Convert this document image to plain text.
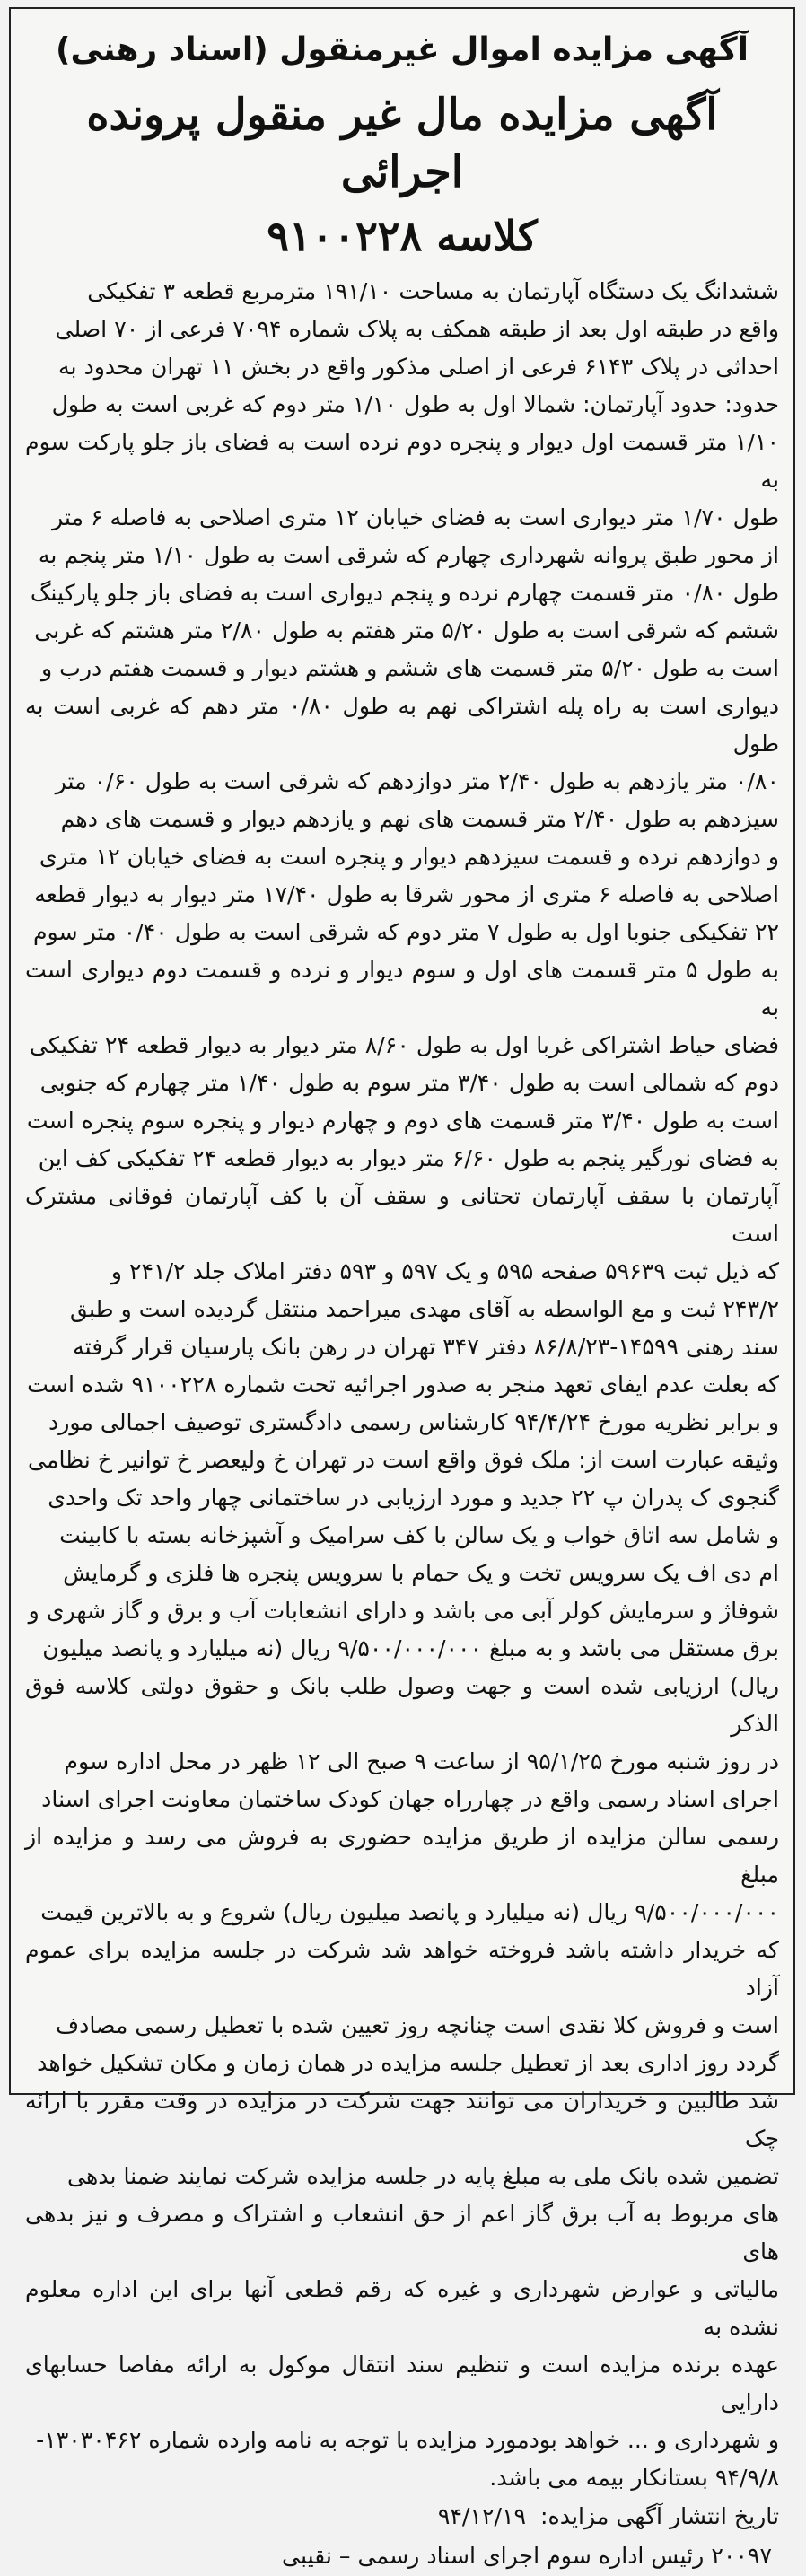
آگهی مزایده اموال غیرمنقول (اسناد رهنی)
آگهی مزایده مال غیر منقول پرونده اجرائی
کلاسه ۹۱۰۰۲۲۸
ششدانگ یک دستگاه آپارتمان به مساحت ۱۹۱/۱۰ مترمربع قطعه ۳ تفکیکی
واقع در طبقه اول بعد از طبقه همکف به پلاک شماره ۷۰۹۴ فرعی از ۷۰ اصلی
احداثی در پلاک ۶۱۴۳ فرعی از اصلی مذکور واقع در بخش ۱۱ تهران محدود به
حدود: حدود آپارتمان: شمالا اول به طول ۱/۱۰ متر دوم که غربی است به طول
۱/۱۰ متر قسمت اول دیوار و پنجره دوم نرده است به فضای باز جلو پارکت سوم به
طول ۱/۷۰ متر دیواری است به فضای خیابان ۱۲ متری اصلاحی به فاصله ۶ متر
از محور طبق پروانه شهرداری چهارم که شرقی است به طول ۱/۱۰ متر پنجم به
طول ۰/۸۰ متر قسمت چهارم نرده و پنجم دیواری است به فضای باز جلو پارکینگ
ششم که شرقی است به طول ۵/۲۰ متر هفتم به طول ۲/۸۰ متر هشتم که غربی
است به طول ۵/۲۰ متر قسمت های ششم و هشتم دیوار و قسمت هفتم درب و
دیواری است به راه پله اشتراکی نهم به طول ۰/۸۰ متر دهم که غربی است به طول
۰/۸۰ متر یازدهم به طول ۲/۴۰ متر دوازدهم که شرقی است به طول ۰/۶۰ متر
سیزدهم به طول ۲/۴۰ متر قسمت های نهم و یازدهم دیوار و قسمت های دهم
و دوازدهم نرده و قسمت سیزدهم دیوار و پنجره است به فضای خیابان ۱۲ متری
اصلاحی به فاصله ۶ متری از محور شرقا به طول ۱۷/۴۰ متر دیوار به دیوار قطعه
۲۲ تفکیکی جنوبا اول به طول ۷ متر دوم که شرقی است به طول ۰/۴۰ متر سوم
به طول ۵ متر قسمت های اول و سوم دیوار و نرده و قسمت دوم دیواری است به
فضای حیاط اشتراکی غربا اول به طول ۸/۶۰ متر دیوار به دیوار قطعه ۲۴ تفکیکی
دوم که شمالی است به طول ۳/۴۰ متر سوم به طول ۱/۴۰ متر چهارم که جنوبی
است به طول ۳/۴۰ متر قسمت های دوم و چهارم دیوار و پنجره سوم پنجره است
به فضای نورگیر پنجم به طول ۶/۶۰ متر دیوار به دیوار قطعه ۲۴ تفکیکی کف این
آپارتمان با سقف آپارتمان تحتانی و سقف آن با کف آپارتمان فوقانی مشترک است
که ذیل ثبت ۵۹۶۳۹ صفحه ۵۹۵ و یک ۵۹۷ و ۵۹۳ دفتر املاک جلد ۲۴۱/۲ و
۲۴۳/۲ ثبت و مع الواسطه به آقای مهدی میراحمد منتقل گردیده است و طبق
سند رهنی ۱۴۵۹۹-۸۶/۸/۲۳ دفتر ۳۴۷ تهران در رهن بانک پارسیان قرار گرفته
که بعلت عدم ایفای تعهد منجر به صدور اجرائیه تحت شماره ۹۱۰۰۲۲۸ شده است
و برابر نظریه مورخ ۹۴/۴/۲۴ کارشناس رسمی دادگستری توصیف اجمالی مورد
وثیقه عبارت است از: ملک فوق واقع است در تهران خ ولیعصر خ توانیر خ نظامی
گنجوی ک پدران پ ۲۲ جدید و مورد ارزیابی در ساختمانی چهار واحد تک واحدی
و شامل سه اتاق خواب و یک سالن با کف سرامیک و آشپزخانه بسته با کابینت
ام دی اف یک سرویس تخت و یک حمام با سرویس پنجره ها فلزی و گرمایش
شوفاژ و سرمایش کولر آبی می باشد و دارای انشعابات آب و برق و گاز شهری و
برق مستقل می باشد و به مبلغ ۹/۵۰۰/۰۰۰/۰۰۰ ریال (نه میلیارد و پانصد میلیون
ریال) ارزیابی شده است و جهت وصول طلب بانک و حقوق دولتی کلاسه فوق الذکر
در روز شنبه مورخ ۹۵/۱/۲۵ از ساعت ۹ صبح الی ۱۲ ظهر در محل اداره سوم
اجرای اسناد رسمی واقع در چهارراه جهان کودک ساختمان معاونت اجرای اسناد
رسمی سالن مزایده از طریق مزایده حضوری به فروش می رسد و مزایده از مبلغ
۹/۵۰۰/۰۰۰/۰۰۰ ریال (نه میلیارد و پانصد میلیون ریال) شروع و به بالاترین قیمت
که خریدار داشته باشد فروخته خواهد شد شرکت در جلسه مزایده برای عموم آزاد
است و فروش کلا نقدی است چنانچه روز تعیین شده با تعطیل رسمی مصادف
گردد روز اداری بعد از تعطیل جلسه مزایده در همان زمان و مکان تشکیل خواهد
شد طالبین و خریداران می توانند جهت شرکت در مزایده در وقت مقرر با ارائه چک
تضمین شده بانک ملی به مبلغ پایه در جلسه مزایده شرکت نمایند ضمنا بدهی
های مربوط به آب برق گاز اعم از حق انشعاب و اشتراک و مصرف و نیز بدهی های
مالیاتی و عوارض شهرداری و غیره که رقم قطعی آنها برای این اداره معلوم نشده به
عهده برنده مزایده است و تنظیم سند انتقال موکول به ارائه مفاصا حسابهای دارایی
و شهرداری و ... خواهد بودمورد مزایده با توجه به نامه وارده شماره ۱۳۰۳۰۴۶۲-
۹۴/۹/۸ بستانکار بیمه می باشد.
تاریخ انتشار آگهی مزایده: ۹۴/۱۲/۱۹
۲۰۰۹۷ رئیس اداره سوم اجرای اسناد رسمی – نقیبی
